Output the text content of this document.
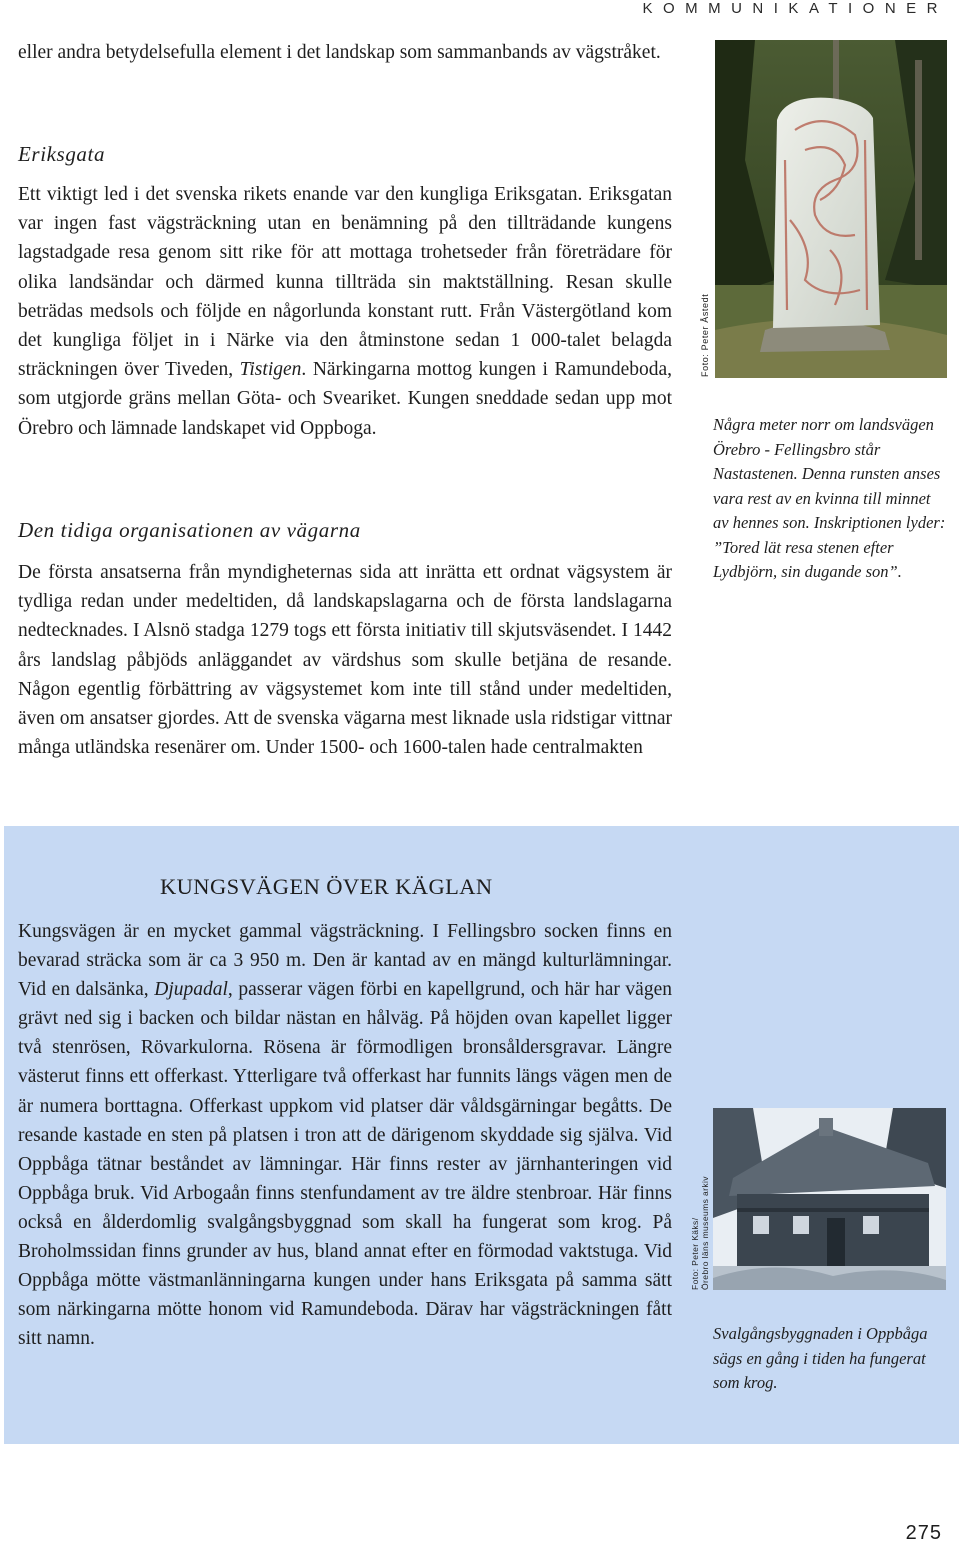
KOMMUNIKATIONER

eller andra betydelsefulla element i det landskap som sammanbands av vägstråket.

Eriksgata

Ett viktigt led i det svenska rikets enande var den kungliga Eriksgatan. Eriksgatan var ingen fast vägsträckning utan en benämning på den tillträdande kungens lagstadgade resa genom sitt rike för att mottaga trohetseder från företrädare för olika landsändar och därmed kunna tillträda sin maktställning. Resan skulle beträdas medsols och följde en någorlunda konstant rutt. Från Västergötland kom det kungliga följet in i Närke via den åtminstone sedan 1 000-talet belagda sträckningen över Tiveden, Tistigen. Närkingarna mottog kungen i Ramundeboda, som utgjorde gräns mellan Göta- och Sveariket. Kungen sneddade sedan upp mot Örebro och lämnade landskapet vid Oppboga.

Den tidiga organisationen av vägarna

De första ansatserna från myndigheternas sida att inrätta ett ordnat vägsystem är tydliga redan under medeltiden, då landskapslagarna och de första landslagarna nedtecknades. I Alsnö stadga 1279 togs ett första initiativ till skjutsväsendet. I 1442 års landslag påbjöds anläggandet av värdshus som skulle betjäna de resande. Någon egentlig förbättring av vägsystemet kom inte till stånd under medeltiden, även om ansatser gjordes. Att de svenska vägarna mest liknade usla ridstigar vittnar många utländska resenärer om. Under 1500- och 1600-talen hade centralmakten

Foto: Peter Åstedt
Några meter norr om landsvägen Örebro - Fellingsbro står Nastastenen. Denna runsten anses vara rest av en kvinna till minnet av hennes son. Inskriptionen lyder: ”Tored lät resa stenen efter Lydbjörn, sin dugande son”.
KUNGSVÄGEN ÖVER KÄGLAN

Kungsvägen är en mycket gammal vägsträckning. I Fellingsbro socken finns en bevarad sträcka som är ca 3 950 m. Den är kantad av en mängd kulturlämningar. Vid en dalsänka, Djupadal, passerar vägen förbi en kapellgrund, och här har vägen grävt ned sig i backen och bildar nästan en hålväg. På höjden ovan kapellet ligger två stenrösen, Rövarkulorna. Rösena är förmodligen bronsåldersgravar. Längre västerut finns ett offerkast. Ytterligare två offerkast har funnits längs vägen men de är numera borttagna. Offerkast uppkom vid platser där våldsgärningar begåtts. De resande kastade en sten på platsen i tron att de därigenom skyddade sig själva. Vid Oppbåga tätnar beståndet av lämningar. Här finns rester av järnhanteringen vid Oppbåga bruk. Vid Arbogaån finns stenfundament av tre äldre stenbroar. Här finns också en ålderdomlig svalgångsbyggnad som skall ha fungerat som krog. På Broholmssidan finns grunder av hus, bland annat efter en förmodad vaktstuga. Vid Oppbåga mötte västmanlänningarna kungen under hans Eriksgata på samma sätt som närkingarna mötte honom vid Ramundeboda. Därav har vägsträckningen fått sitt namn.

Foto: Peter Käks/
Örebro läns museums arkiv
Svalgångsbyggnaden i Oppbåga sägs en gång i tiden ha fungerat som krog.
275
